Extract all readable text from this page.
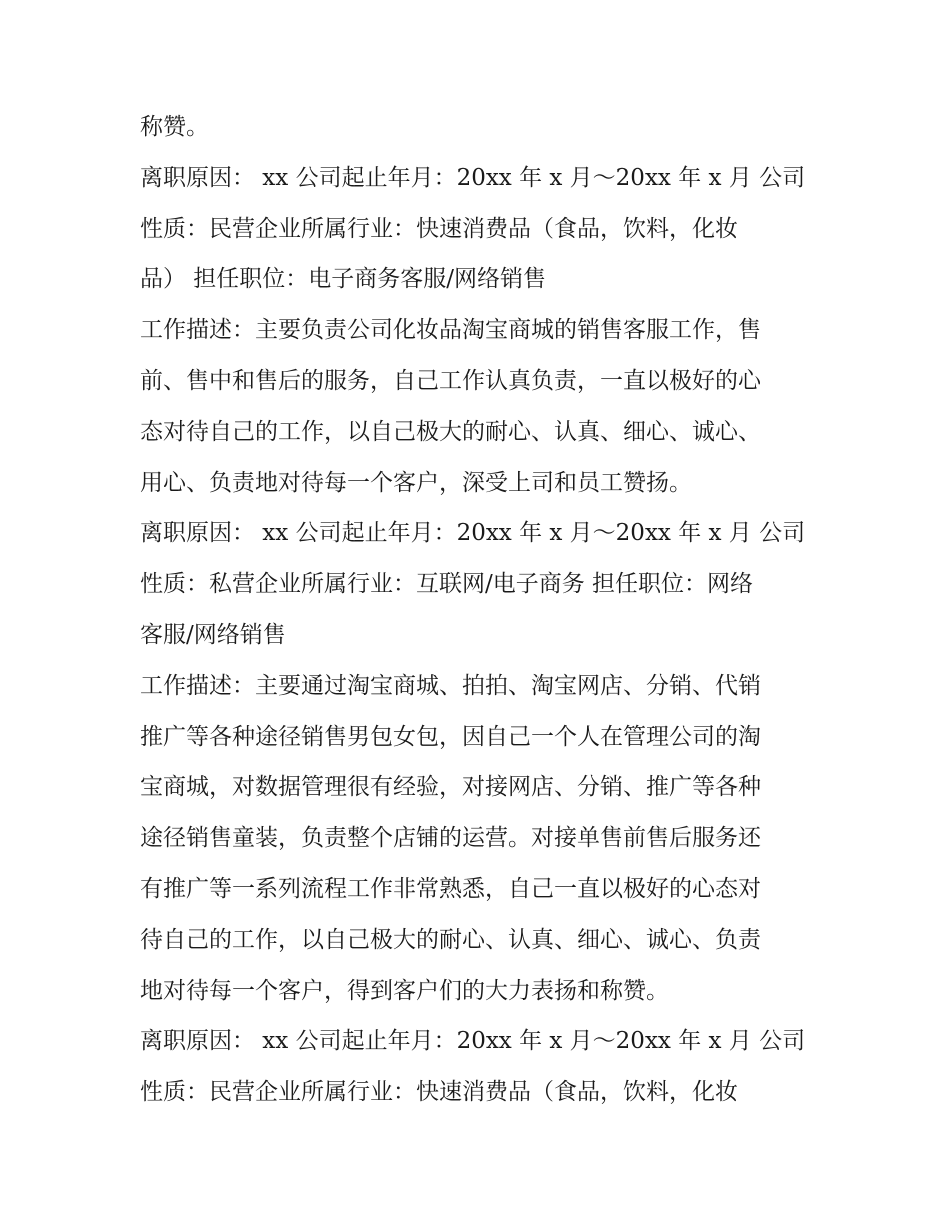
称赞。
离职原因： xx 公司起止年月：20xx 年 x 月～20xx 年 x 月 公司
性质：民营企业所属行业：快速消费品（食品，饮料，化妆
品） 担任职位：电子商务客服/网络销售
工作描述：主要负责公司化妆品淘宝商城的销售客服工作，售
前、售中和售后的服务，自己工作认真负责，一直以极好的心
态对待自己的工作，以自己极大的耐心、认真、细心、诚心、
用心、负责地对待每一个客户，深受上司和员工赞扬。
离职原因： xx 公司起止年月：20xx 年 x 月～20xx 年 x 月 公司
性质：私营企业所属行业：互联网/电子商务 担任职位：网络
客服/网络销售
工作描述：主要通过淘宝商城、拍拍、淘宝网店、分销、代销
推广等各种途径销售男包女包，因自己一个人在管理公司的淘
宝商城，对数据管理很有经验，对接网店、分销、推广等各种
途径销售童装，负责整个店铺的运营。对接单售前售后服务还
有推广等一系列流程工作非常熟悉，自己一直以极好的心态对
待自己的工作，以自己极大的耐心、认真、细心、诚心、负责
地对待每一个客户，得到客户们的大力表扬和称赞。
离职原因： xx 公司起止年月：20xx 年 x 月～20xx 年 x 月 公司
性质：民营企业所属行业：快速消费品（食品，饮料，化妆
